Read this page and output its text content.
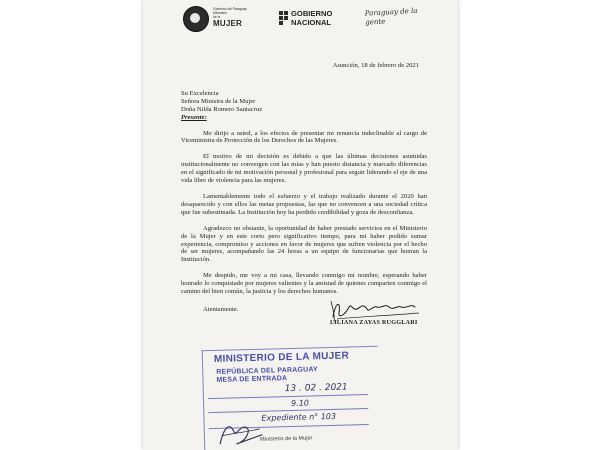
Gobierno del Paraguay
Ministerio
de la
MUJER
GOBIERNO
NACIONAL
Paraguay de la gente
Asunción, 18 de febrero de 2021
Su Excelencia
Señora Ministra de la Mujer
Doña Nilda Romero Santacruz
Presente:

Me dirijo a usted, a los efectos de presentar mi renuncia indeclinable al cargo de Viceministra de Protección de los Derechos de las Mujeres.

El motivo de mi decisión es debido a que las últimas decisiones asumidas institucionalmente no convergen con las mías y han puesto distancia y marcado diferencias en el significado de mi motivación personal y profesional para seguir liderando el eje de una vida libre de violencia para las mujeres.

Lamentablemente todo el esfuerzo y el trabajo realizado durante el 2020 han desaparecido y con ellos las metas propuestas, las que no convencen a una sociedad crítica que fue subestimada. La Institución hoy ha perdido credibilidad y goza de desconfianza.

Agradezco no obstante, la oportunidad de haber prestado servicios en el Ministerio de la Mujer y en este corto pero significativo tiempo, para mi haber podido sumar experiencia, compromiso y acciones en favor de mujeres que sufren violencia por el hecho de ser mujeres, acompañando las 24 horas a un equipo de funcionarias que honran la Institución.

Me despido, me voy a mi casa, llevando conmigo mi nombre, esperando haber honrado lo conquistado por mujeres valientes y la amistad de quienes comparten conmigo el camino del bien común, la justicia y los derechos humanos.

Atentamente.
LILIANA ZAYAS RUGGLARI
MINISTERIO DE LA MUJER
REPÚBLICA DEL PARAGUAY
MESA DE ENTRADA
13 . 02 . 2021
9.10
Expediente n° 103
Ministerio de la Mujer
